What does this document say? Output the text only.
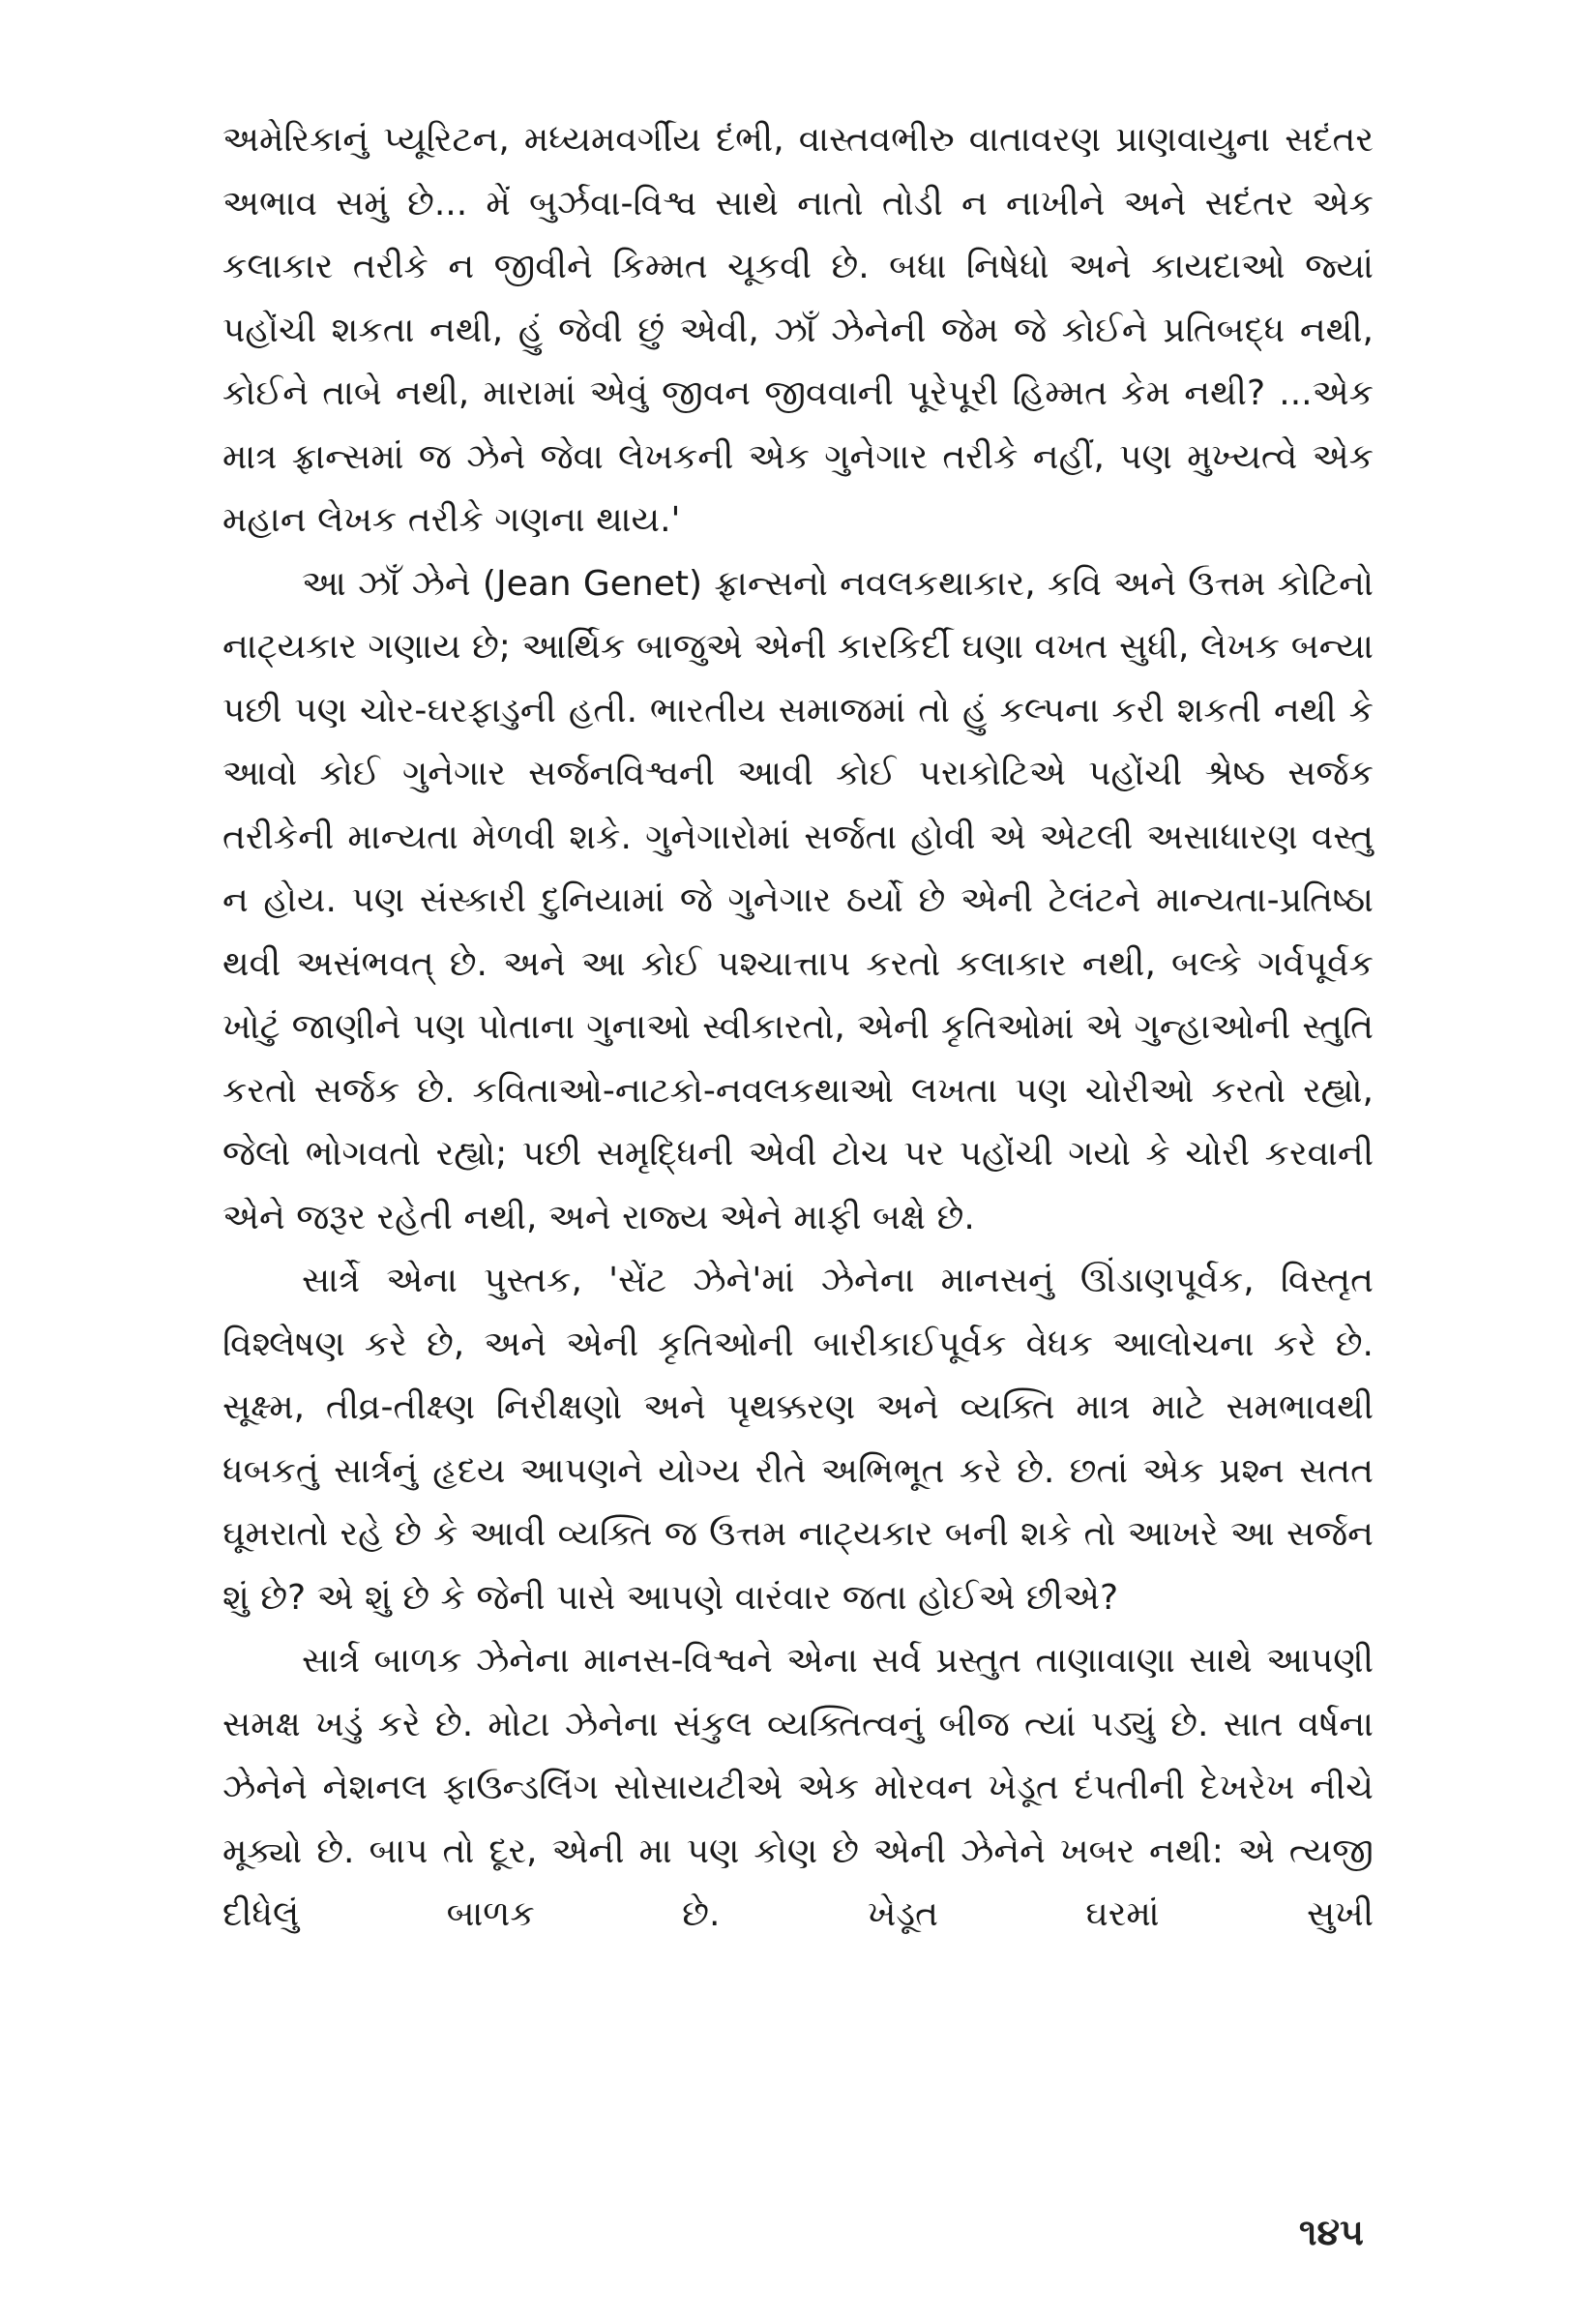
અમેરિકાનું પ્યૂરિટન, મધ્યમવર્ગીય દંભી, વાસ્તવભીરુ વાતાવરણ પ્રાણવાયુના સદંતર અભાવ સમું છે... મેં બુર્ઝવા-વિશ્વ સાથે નાતો તોડી ન નાખીને અને સદંતર એક કલાકાર તરીકે ન જીવીને કિમ્મત ચૂકવી છે. બધા નિષેધો અને કાયદાઓ જ્યાં પહોંચી શકતા નથી, હું જેવી છું એવી, ઝાઁ ઝેનેની જેમ જે કોઈને પ્રતિબદ્ધ નથી, કોઈને તાબે નથી, મારામાં એવું જીવન જીવવાની પૂરેપૂરી હિમ્મત કેમ નથી? ...એક માત્ર ફ્રાન્સમાં જ ઝેને જેવા લેખકની એક ગુનેગાર તરીકે નહીં, પણ મુખ્યત્વે એક મહાન લેખક તરીકે ગણના થાય.'

આ ઝાઁ ઝેને (Jean Genet) ફ્રાન્સનો નવલકથાકાર, કવિ અને ઉત્તમ કોટિનો નાટ્યકાર ગણાય છે; આર્થિક બાજુએ એની કારકિર્દી ઘણા વખત સુધી, લેખક બન્યા પછી પણ ચોર-ઘરફાડુની હતી. ભારતીય સમાજમાં તો હું કલ્પના કરી શકતી નથી કે આવો કોઈ ગુનેગાર સર્જનવિશ્વની આવી કોઈ પરાકોટિએ પહોંચી શ્રેષ્ઠ સર્જક તરીકેની માન્યતા મેળવી શકે. ગુનેગારોમાં સર્જતા હોવી એ એટલી અસાધારણ વસ્તુ ન હોય. પણ સંસ્કારી દુનિયામાં જે ગુનેગાર ઠર્યો છે એની ટેલંટને માન્યતા-પ્રતિષ્ઠા થવી અસંભવત્ છે. અને આ કોઈ પશ્ચાત્તાપ કરતો કલાકાર નથી, બલ્કે ગર્વપૂર્વક ખોટું જાણીને પણ પોતાના ગુનાઓ સ્વીકારતો, એની કૃતિઓમાં એ ગુન્હાઓની સ્તુતિ કરતો સર્જક છે. કવિતાઓ-નાટકો-નવલકથાઓ લખતા પણ ચોરીઓ કરતો રહ્યો, જેલો ભોગવતો રહ્યો; પછી સમૃદ્ધિની એવી ટોચ પર પહોંચી ગયો કે ચોરી કરવાની એને જરૂર રહેતી નથી, અને રાજ્ય એને માફી બક્ષે છે.

સાર્ત્રે એના પુસ્તક, 'સેંટ ઝેને'માં ઝેનેના માનસનું ઊંડાણપૂર્વક, વિસ્તૃત વિશ્લેષણ કરે છે, અને એની કૃતિઓની બારીકાઈપૂર્વક વેધક આલોચના કરે છે. સૂક્ષ્મ, તીવ્ર-તીક્ષ્ણ નિરીક્ષણો અને પૃથક્કરણ અને વ્યક્તિ માત્ર માટે સમભાવથી ધબકતું સાર્ત્રનું હૃદય આપણને યોગ્ય રીતે અભિભૂત કરે છે. છતાં એક પ્રશ્ન સતત ઘૂમરાતો રહે છે કે આવી વ્યક્તિ જ ઉત્તમ નાટ્યકાર બની શકે તો આખરે આ સર્જન શું છે? એ શું છે કે જેની પાસે આપણે વારંવાર જતા હોઈએ છીએ?

સાર્ત્ર બાળક ઝેનેના માનસ-વિશ્વને એના સર્વ પ્રસ્તુત તાણાવાણા સાથે આપણી સમક્ષ ખડું કરે છે. મોટા ઝેનેના સંકુલ વ્યક્તિત્વનું બીજ ત્યાં પડ્યું છે. સાત વર્ષના ઝેનેને નેશનલ ફાઉન્ડલિંગ સોસાયટીએ એક મોરવન ખેડૂત દંપતીની દેખરેખ નીચે મૂક્યો છે. બાપ તો દૂર, એની મા પણ કોણ છે એની ઝેનેને ખબર નથી: એ ત્યજી દીધેલું બાળક છે. ખેડૂત ઘરમાં સુખી

૧૪૫
